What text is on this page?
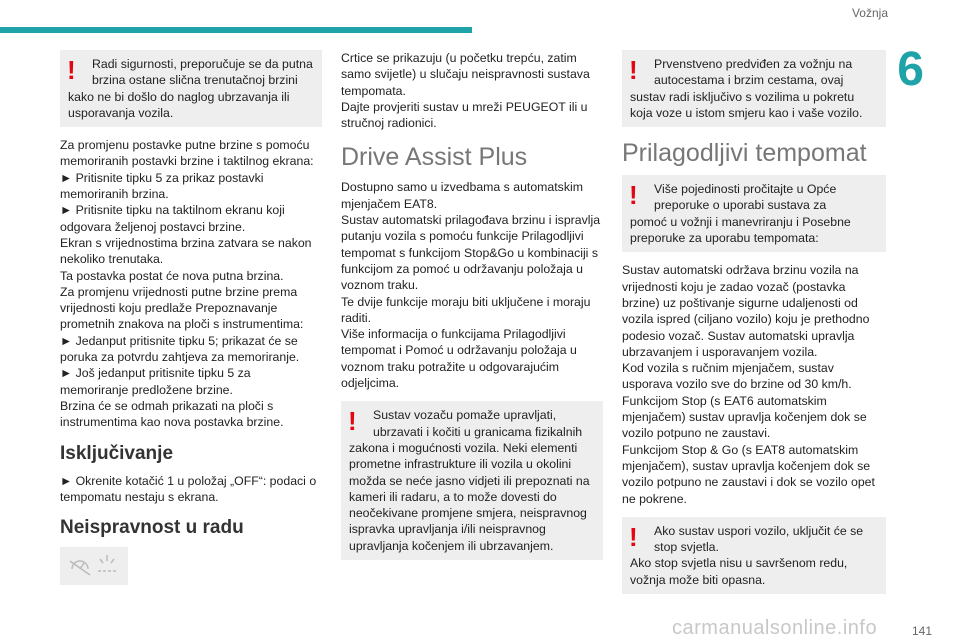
Vožnja
6
!	Radi sigurnosti, preporučuje se da putna brzina ostane slična trenutačnoj brzini

kako ne bi došlo do naglog ubrzavanja ili usporavanja vozila.

Za promjenu postavke putne brzine s pomoću memoriranih postavki brzine i taktilnog ekrana:

► Pritisnite tipku 5 za prikaz postavki memoriranih brzina.

► Pritisnite tipku na taktilnom ekranu koji odgovara željenoj postavci brzine.

Ekran s vrijednostima brzina zatvara se nakon nekoliko trenutaka.

Ta postavka postat će nova putna brzina.

Za promjenu vrijednosti putne brzine prema vrijednosti koju predlaže Prepoznavanje prometnih znakova na ploči s instrumentima:

► Jedanput pritisnite tipku 5; prikazat će se poruka za potvrdu zahtjeva za memoriranje.

► Još jedanput pritisnite tipku 5 za memoriranje predložene brzine.

Brzina će se odmah prikazati na ploči s instrumentima kao nova postavka brzine.

Isključivanje

► Okrenite kotačić 1 u položaj „OFF“: podaci o tempomatu nestaju s ekrana.

Neispravnost u radu

Crtice se prikazuju (u početku trepću, zatim samo svijetle) u slučaju neispravnosti sustava tempomata.

Dajte provjeriti sustav u mreži PEUGEOT ili u stručnoj radionici.

Drive Assist Plus

Dostupno samo u izvedbama s automatskim mjenjačem EAT8.

Sustav automatski prilagođava brzinu i ispravlja putanju vozila s pomoću funkcije Prilagodljivi tempomat s funkcijom Stop&Go u kombinaciji s funkcijom za pomoć u održavanju položaja u voznom traku.

Te dvije funkcije moraju biti uključene i moraju raditi.

Više informacija o funkcijama Prilagodljivi tempomat i Pomoć u održavanju položaja u voznom traku potražite u odgovarajućim odjeljcima.

!	Sustav vozaču pomaže upravljati, ubrzavati i kočiti u granicama fizikalnih

zakona i mogućnosti vozila. Neki elementi prometne infrastrukture ili vozila u okolini možda se neće jasno vidjeti ili prepoznati na kameri ili radaru, a to može dovesti do neočekivane promjene smjera, neispravnog ispravka upravljanja i/ili neispravnog upravljanja kočenjem ili ubrzavanjem.

!	Prvenstveno predviđen za vožnju na autocestama i brzim cestama, ovaj

sustav radi isključivo s vozilima u pokretu koja voze u istom smjeru kao i vaše vozilo.

Prilagodljivi tempomat
!	Više pojedinosti pročitajte u Opće preporuke o uporabi sustava za

pomoć u vožnji i manevriranju i Posebne preporuke za uporabu tempomata:

Sustav automatski održava brzinu vozila na vrijednosti koju je zadao vozač (postavka brzine) uz poštivanje sigurne udaljenosti od vozila ispred (ciljano vozilo) koju je prethodno podesio vozač. Sustav automatski upravlja ubrzavanjem i usporavanjem vozila.

Kod vozila s ručnim mjenjačem, sustav usporava vozilo sve do brzine od 30 km/h.

Funkcijom Stop (s EAT6 automatskim mjenjačem) sustav upravlja kočenjem dok se vozilo potpuno ne zaustavi.

Funkcijom Stop & Go (s EAT8 automatskim mjenjačem), sustav upravlja kočenjem dok se vozilo potpuno ne zaustavi i dok se vozilo opet ne pokrene.

!	Ako sustav uspori vozilo, uključit će se stop svjetla.

Ako stop svjetla nisu u savršenom redu, vožnja može biti opasna.

carmanualsonline.info	141
